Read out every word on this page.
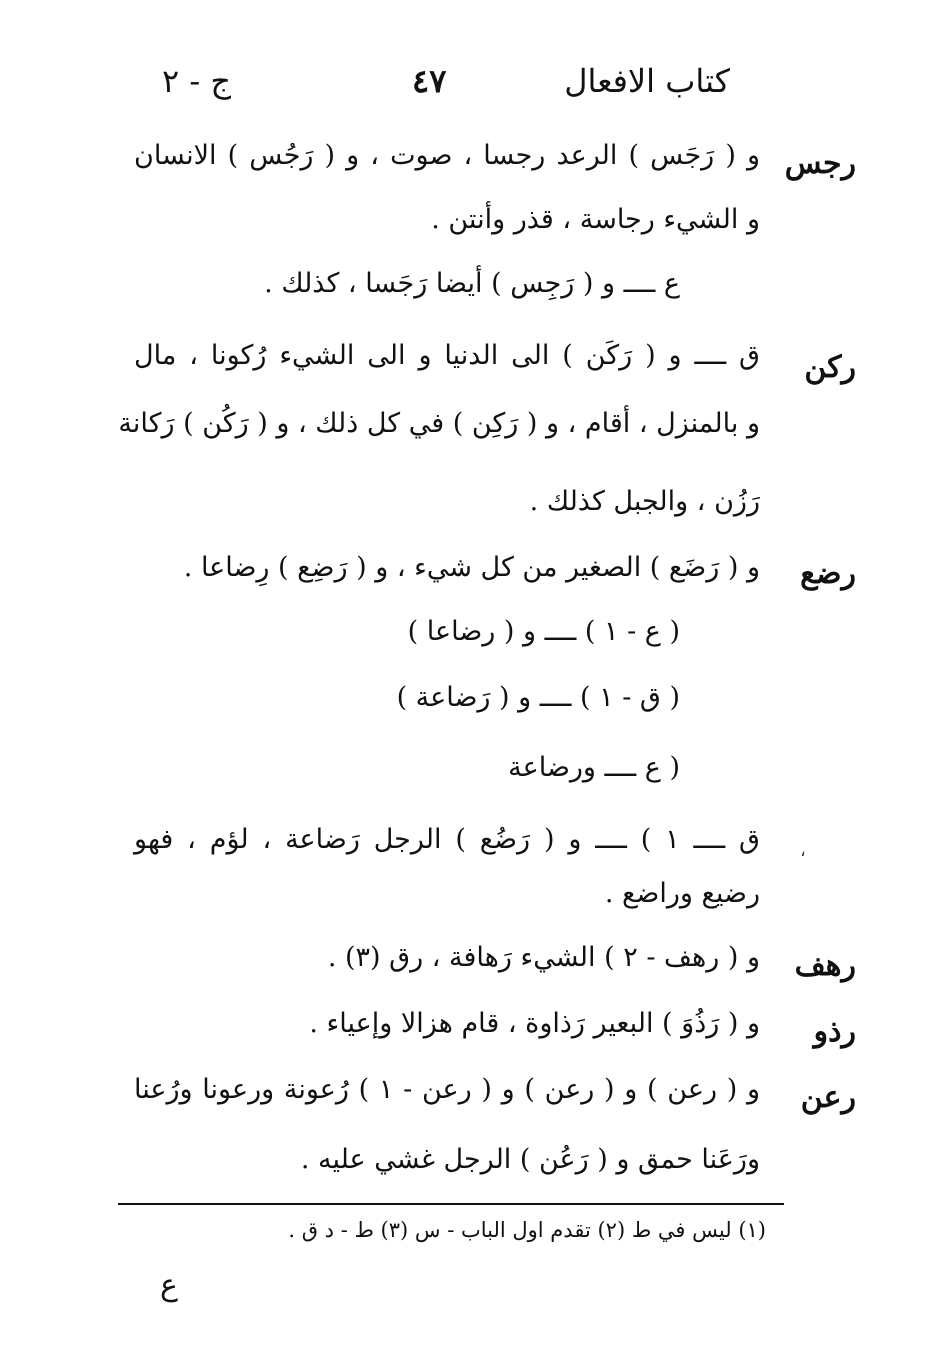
كتاب الافعال
٤٧
ج - ٢
رجس
و ( رَجَس ) الرعد رجسا ، صوت ، و ( رَجُس ) الانسان
و الشيء رجاسة ، قذر وأنتن .
ع ــــ و ( رَجِس ) أيضا رَجَسا ، كذلك .
ركن
ق ــــ و ( رَكَن ) الى الدنيا و الى الشيء رُكونا ، مال
و بالمنزل ، أقام ، و ( رَكِن ) في كل ذلك ، و ( رَكُن ) رَكانة
رَزُن ، والجبل كذلك .
رضع
و ( رَضَع ) الصغير من كل شيء ، و ( رَضِع ) رِضاعا .
( ع - ١ ) ــــ و ( رضاعا )
( ق - ١ ) ــــ و ( رَضاعة )
( ع ــــ ورضاعة
ق ــــ ١ ) ــــ و ( رَضُع ) الرجل رَضاعة ، لؤم ، فهو
رضيع وراضع .
،
رهف
و ( رهف - ٢ ) الشيء رَهافة ، رق (٣) .
رذو
و ( رَذُوَ ) البعير رَذاوة ، قام هزالا وإعياء .
رعن
و ( رعن ) و ( رعن ) و ( رعن - ١ ) رُعونة ورعونا ورُعنا
ورَعَنا حمق و ( رَعُن ) الرجل غشي عليه .
(١) ليس في ط (٢) تقدم اول الباب - س (٣) ط - د ق .
ع
